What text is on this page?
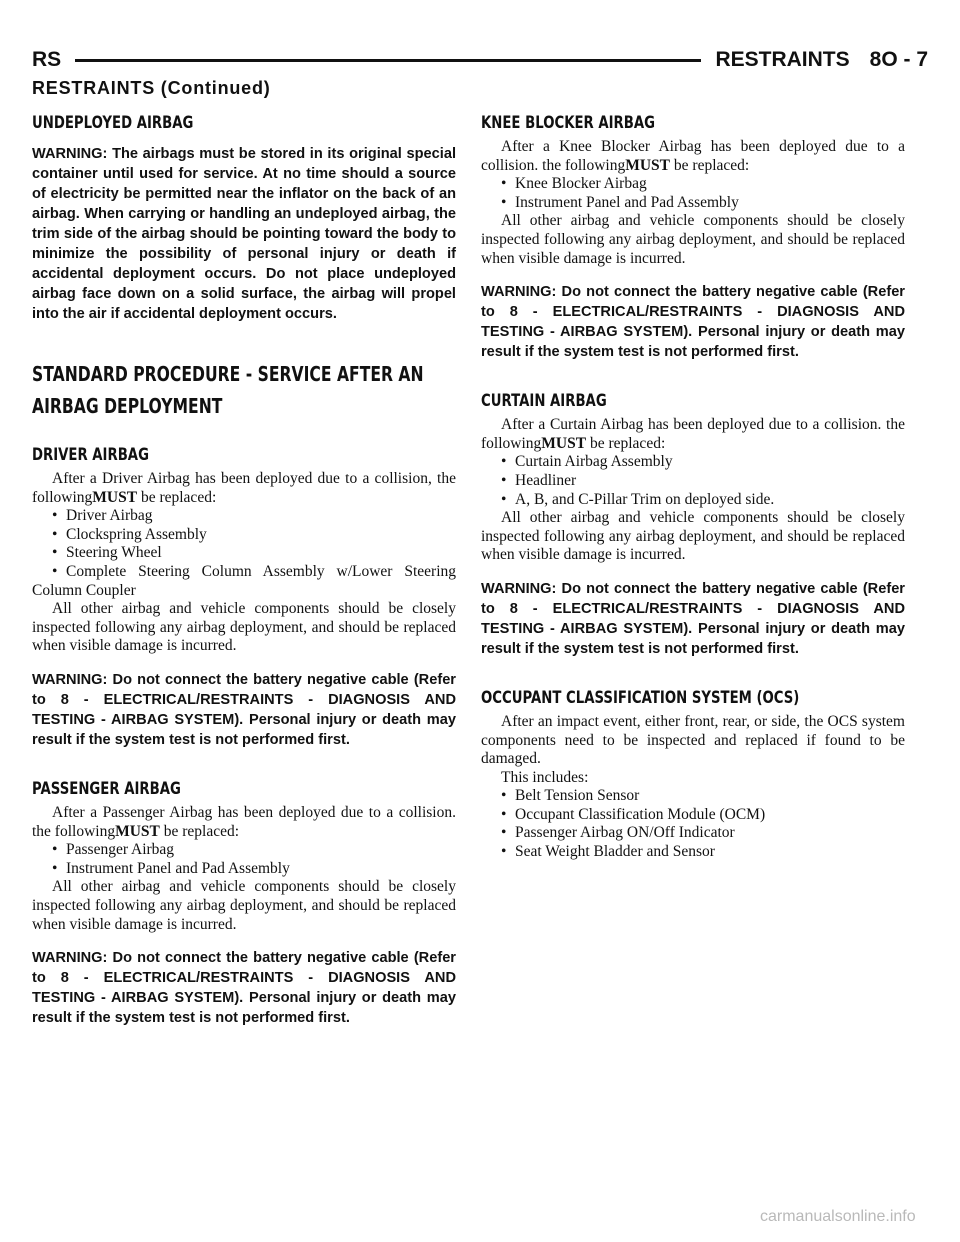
RS	RESTRAINTS 8O - 7
RESTRAINTS (Continued)
UNDEPLOYED AIRBAG

WARNING: The airbags must be stored in its original special container until used for service. At no time should a source of electricity be permitted near the inflator on the back of an airbag. When carrying or handling an undeployed airbag, the trim side of the airbag should be pointing toward the body to minimize the possibility of personal injury or death if accidental deployment occurs. Do not place undeployed airbag face down on a solid surface, the airbag will propel into the air if accidental deployment occurs.

STANDARD PROCEDURE - SERVICE AFTER AN
AIRBAG DEPLOYMENT
DRIVER AIRBAG

After a Driver Airbag has been deployed due to a collision, the followingMUST be replaced:

• Driver Airbag
• Clockspring Assembly
• Steering Wheel
• Complete Steering Column Assembly w/Lower Steering Column Coupler

All other airbag and vehicle components should be closely inspected following any airbag deployment, and should be replaced when visible damage is incurred.

WARNING: Do not connect the battery negative cable (Refer to 8 - ELECTRICAL/RESTRAINTS - DIAGNOSIS AND TESTING - AIRBAG SYSTEM). Personal injury or death may result if the system test is not performed first.

PASSENGER AIRBAG

After a Passenger Airbag has been deployed due to a collision. the followingMUST be replaced:

• Passenger Airbag
• Instrument Panel and Pad Assembly

All other airbag and vehicle components should be closely inspected following any airbag deployment, and should be replaced when visible damage is incurred.

WARNING: Do not connect the battery negative cable (Refer to 8 - ELECTRICAL/RESTRAINTS - DIAGNOSIS AND TESTING - AIRBAG SYSTEM). Personal injury or death may result if the system test is not performed first.

KNEE BLOCKER AIRBAG

After a Knee Blocker Airbag has been deployed due to a collision. the followingMUST be replaced:

• Knee Blocker Airbag
• Instrument Panel and Pad Assembly

All other airbag and vehicle components should be closely inspected following any airbag deployment, and should be replaced when visible damage is incurred.

WARNING: Do not connect the battery negative cable (Refer to 8 - ELECTRICAL/RESTRAINTS - DIAGNOSIS AND TESTING - AIRBAG SYSTEM). Personal injury or death may result if the system test is not performed first.

CURTAIN AIRBAG

After a Curtain Airbag has been deployed due to a collision. the followingMUST be replaced:

• Curtain Airbag Assembly
• Headliner
• A, B, and C-Pillar Trim on deployed side.

All other airbag and vehicle components should be closely inspected following any airbag deployment, and should be replaced when visible damage is incurred.

WARNING: Do not connect the battery negative cable (Refer to 8 - ELECTRICAL/RESTRAINTS - DIAGNOSIS AND TESTING - AIRBAG SYSTEM). Personal injury or death may result if the system test is not performed first.

OCCUPANT CLASSIFICATION SYSTEM (OCS)

After an impact event, either front, rear, or side, the OCS system components need to be inspected and replaced if found to be damaged.

This includes:

• Belt Tension Sensor
• Occupant Classification Module (OCM)
• Passenger Airbag ON/Off Indicator
• Seat Weight Bladder and Sensor
carmanualsonline.info
